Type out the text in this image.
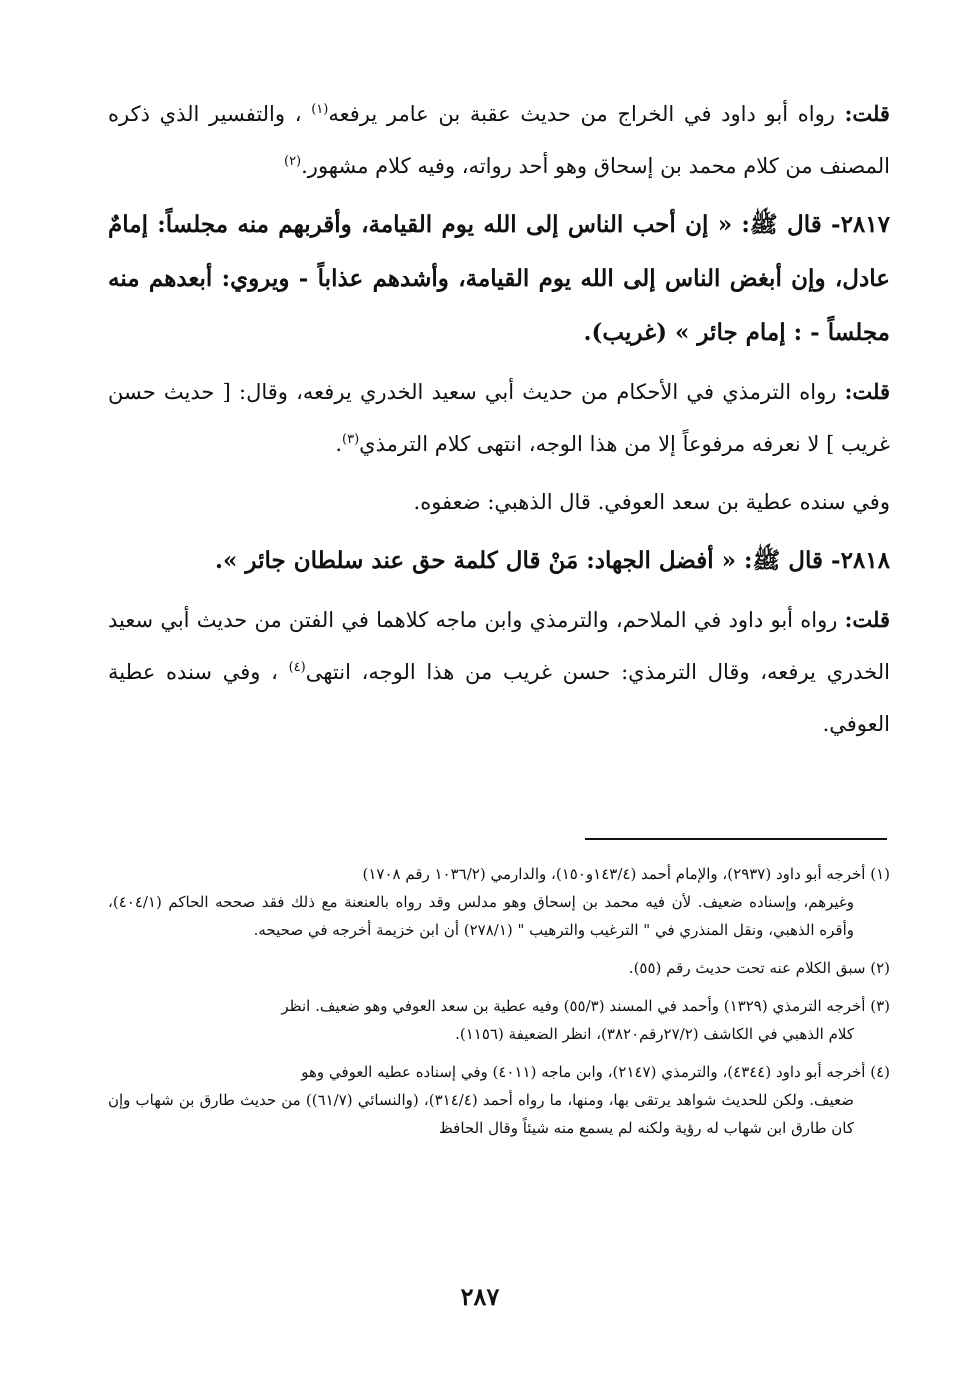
قلت: رواه أبو داود في الخراج من حديث عقبة بن عامر يرفعه$^{(١)}$ ، والتفسير الذي ذكره المصنف من كلام محمد بن إسحاق وهو أحد رواته، وفيه كلام مشهور.$^{(٢)}$

٢٨١٧- قال ﷺ: « إن أحب الناس إلى الله يوم القيامة، وأقربهم منه مجلساً: إمامٌ عادل، وإن أبغض الناس إلى الله يوم القيامة، وأشدهم عذاباً - ويروي: أبعدهم منه مجلساً - : إمام جائر » (غريب).

قلت: رواه الترمذي في الأحكام من حديث أبي سعيد الخدري يرفعه، وقال: [ حديث حسن غريب ] لا نعرفه مرفوعاً إلا من هذا الوجه، انتهى كلام الترمذي$^{(٣)}$.

وفي سنده عطية بن سعد العوفي. قال الذهبي: ضعفوه.

٢٨١٨- قال ﷺ: « أفضل الجهاد: مَنْ قال كلمة حق عند سلطان جائر ».

قلت: رواه أبو داود في الملاحم، والترمذي وابن ماجه كلاهما في الفتن من حديث أبي سعيد الخدري يرفعه، وقال الترمذي: حسن غريب من هذا الوجه، انتهى$^{(٤)}$ ، وفي سنده عطية العوفي.

(١) أخرجه أبو داود (٢٩٣٧)، والإمام أحمد (١٤٣/٤و١٥٠)، والدارمي (١٠٣٦/٢ رقم ١٧٠٨)
وغيرهم، وإسناده ضعيف. لأن فيه محمد بن إسحاق وهو مدلس وقد رواه بالعنعنة مع ذلك فقد صححه الحاكم (٤٠٤/١)، وأقره الذهبي، ونقل المنذري في " الترغيب والترهيب " (٢٧٨/١) أن ابن خزيمة أخرجه في صحيحه.

(٢) سبق الكلام عنه تحت حديث رقم (٥٥).

(٣) أخرجه الترمذي (١٣٢٩) وأحمد في المسند (٥٥/٣) وفيه عطية بن سعد العوفي وهو ضعيف. انظر
كلام الذهبي في الكاشف (٢٧/٢رقم٣٨٢٠)، انظر الضعيفة (١١٥٦).

(٤) أخرجه أبو داود (٤٣٤٤)، والترمذي (٢١٤٧)، وابن ماجه (٤٠١١) وفي إسناده عطيه العوفي وهو
ضعيف. ولكن للحديث شواهد يرتقى بها، ومنها، ما رواه أحمد (٣١٤/٤)، (والنسائي (٦١/٧)) من حديث طارق بن شهاب وإن كان طارق ابن شهاب له رؤية ولكنه لم يسمع منه شيئاً وقال الحافظ

٢٨٧
